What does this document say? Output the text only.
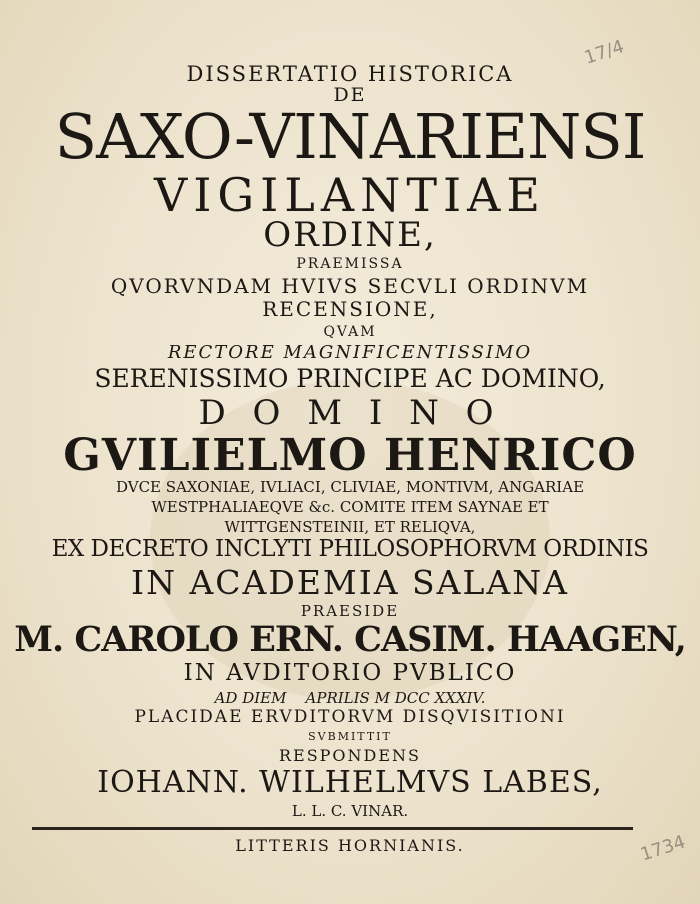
DISSERTATIO HISTORICA
DE
SAXO-VINARIENSI
VIGILANTIAE
ORDINE,
PRAEMISSA
QVORVNDAM HVIVS SECVLI ORDINVM
RECENSIONE,
QVAM
RECTORE MAGNIFICENTISSIMO
SERENISSIMO PRINCIPE AC DOMINO,
D O M I N O
GVILIELMO HENRICO
DVCE SAXONIAE, IVLIACI, CLIVIAE, MONTIVM, ANGARIAE
WESTPHALIAEQVE &c. COMITE ITEM SAYNAE ET
WITTGENSTEINII, ET RELIQVA,
EX DECRETO INCLYTI PHILOSOPHORVM ORDINIS
IN ACADEMIA SALANA
PRAESIDE
M. CAROLO ERN. CASIM. HAAGEN,
IN AVDITORIO PVBLICO
AD DIEM    APRILIS M DCC XXXIV.
PLACIDAE ERVDITORVM DISQVISITIONI
SVBMITTIT
RESPONDENS
IOHANN. WILHELMVS LABES,
L. L. C. VINAR.
LITTERIS HORNIANIS.
17/4
1734
